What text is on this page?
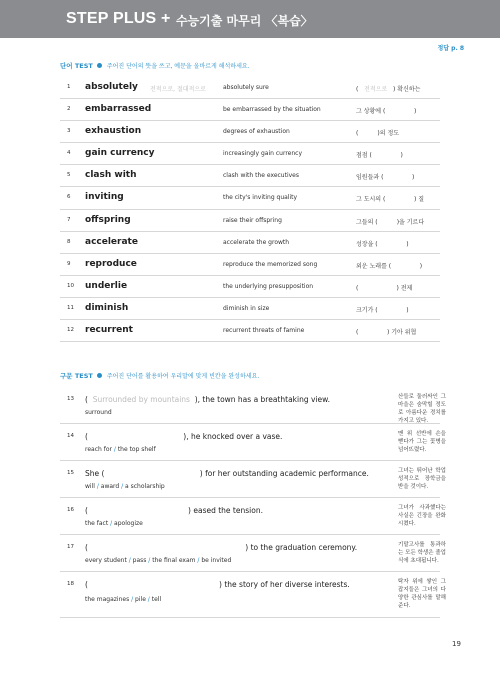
STEP PLUS + 수능기출 마무리 〈복습〉
정답 p. 8
단어 TEST 주어진 단어의 뜻을 쓰고, 예문을 올바르게 해석하세요.
1 absolutely 전적으로, 절대적으로	absolutely sure	(   전적으로   ) 확신하는
2 embarrassed	be embarrassed by the situation	그 상황에 (               )
3 exhaustion	degrees of exhaustion	(          )의 정도
4 gain currency	increasingly gain currency	점점 (               )
5 clash with	clash with the executives	임원들과 (               )
6 inviting	the city's inviting quality	그 도시의 (               ) 질
7 offspring	raise their offspring	그들의 (          )을 기르다
8 accelerate	accelerate the growth	성장을 (               )
9 reproduce	reproduce the memorized song	외운 노래를 (               )
10 underlie	the underlying presupposition	(                    ) 전제
11 diminish	diminish in size	크기가 (               )
12 recurrent	recurrent threats of famine	(               ) 기아 위협
구문 TEST 주어진 단어를 활용하여 우리말에 맞게 빈칸을 완성하세요.
13 (  Surrounded by mountains  ), the town has a breathtaking view.
surround
산들로 둘러싸인 그 마을은 숨막힐 정도로 아름다운 경치를 가지고 있다.
14 (                                        ), he knocked over a vase.
reach for / the top shelf
맨 위 선반에 손을 뻗다가 그는 꽃병을 넘어뜨렸다.
15 She (                                        ) for her outstanding academic performance.
will / award / a scholarship
그녀는 뛰어난 학업 성적으로 장학금을 받을 것이다.
16 (                                          ) eased the tension.
the fact / apologize
그녀가 사과했다는 사실은 긴장을 완화시켰다.
17 (                                                                  ) to the graduation ceremony.
every student / pass / the final exam / be invited
기말고사를 통과하는 모든 학생은 졸업식에 초대됩니다.
18 (                                                       ) the story of her diverse interests.
the magazines / pile / tell
탁자 위에 쌓인 그 잡지들은 그녀의 다양한 관심사를 말해준다.
19
